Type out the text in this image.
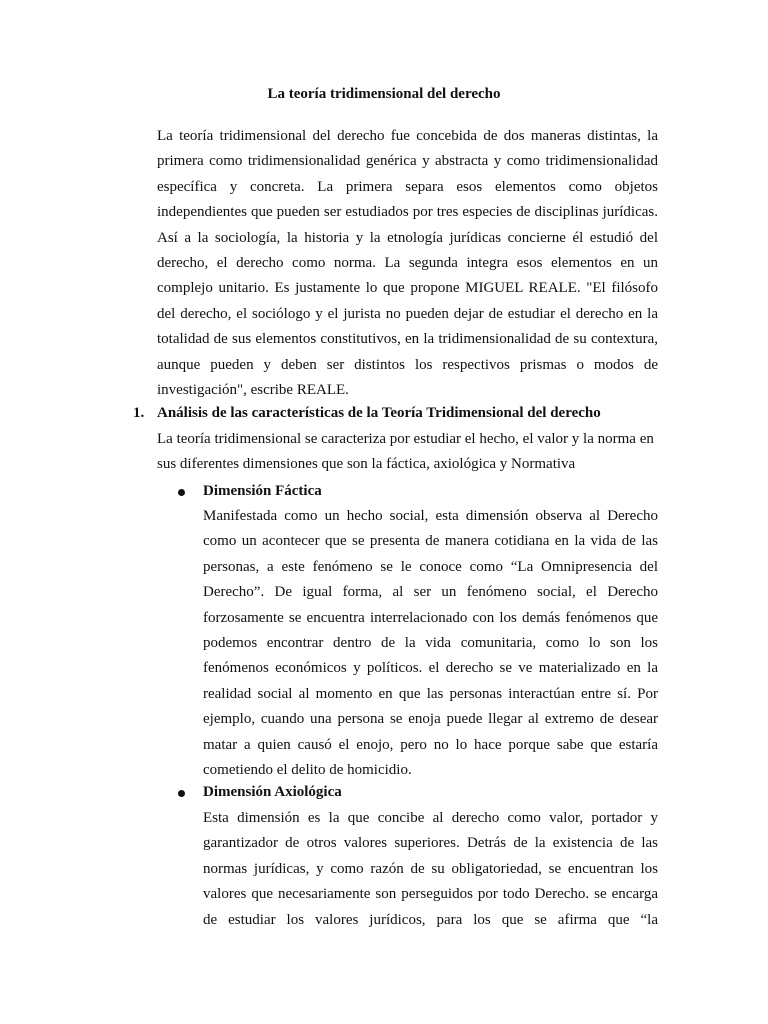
La teoría tridimensional del derecho

La teoría tridimensional del derecho fue concebida de dos maneras distintas, la primera como tridimensionalidad genérica y abstracta y como tridimensionalidad específica y concreta. La primera separa esos elementos como objetos independientes que pueden ser estudiados por tres especies de disciplinas jurídicas. Así a la sociología, la historia y la etnología jurídicas concierne él estudió del derecho, el derecho como norma. La segunda integra esos elementos en un complejo unitario. Es justamente lo que propone MIGUEL REALE. "El filósofo del derecho, el sociólogo y el jurista no pueden dejar de estudiar el derecho en la totalidad de sus elementos constitutivos, en la tridimensionalidad de su contextura, aunque pueden y deben ser distintos los respectivos prismas o modos de investigación", escribe REALE.

1. Análisis de las características de la Teoría Tridimensional del derecho

La teoría tridimensional se caracteriza por estudiar el hecho, el valor y la norma en sus diferentes dimensiones que son la fáctica, axiológica y Normativa

Dimensión Fáctica

Manifestada como un hecho social, esta dimensión observa al Derecho como un acontecer que se presenta de manera cotidiana en la vida de las personas, a este fenómeno se le conoce como “La Omnipresencia del Derecho”. De igual forma, al ser un fenómeno social, el Derecho forzosamente se encuentra interrelacionado con los demás fenómenos que podemos encontrar dentro de la vida comunitaria, como lo son los fenómenos económicos y políticos. el derecho se ve materializado en la realidad social al momento en que las personas interactúan entre sí. Por ejemplo, cuando una persona se enoja puede llegar al extremo de desear matar a quien causó el enojo, pero no lo hace porque sabe que estaría cometiendo el delito de homicidio.

Dimensión Axiológica

Esta dimensión es la que concibe al derecho como valor, portador y garantizador de otros valores superiores. Detrás de la existencia de las normas jurídicas, y como razón de su obligatoriedad, se encuentran los valores que necesariamente son perseguidos por todo Derecho. se encarga de estudiar los valores jurídicos, para los que se afirma que “la
